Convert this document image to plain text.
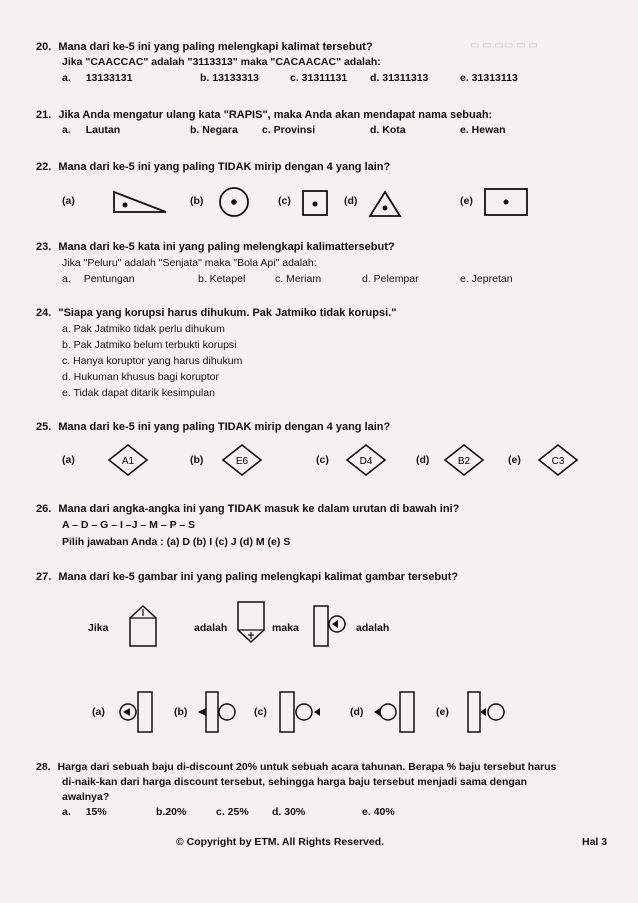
▭ ▭ ▭▭ ▭ ▭
20. Mana dari ke-5 ini yang paling melengkapi kalimat tersebut?
Jika "CAACCAC" adalah "3113313" maka "CACAACAC" adalah:
a. 13133131	b. 13133313	c. 31311131 d. 31311313	e. 31313113
21. Jika Anda mengatur ulang kata "RAPIS", maka Anda akan mendapat nama sebuah:
a. Lautan	b. Negara c. Provinsi	d. Kota	e. Hewan
22. Mana dari ke-5 ini yang paling TIDAK mirip dengan 4 yang lain?
(a)	(b)	(c)	(d)	(e)
23. Mana dari ke-5 kata ini yang paling melengkapi kalimattersebut?
Jika "Peluru" adalah "Senjata" maka "Bola Api" adalah:
a. Pentungan	b. Ketapel	c. Meriam	d. Pelempar	e. Jepretan
24. "Siapa yang korupsi harus dihukum. Pak Jatmiko tidak korupsi."
a. Pak Jatmiko tidak perlu dihukum
b. Pak Jatmiko belum terbukti korupsi
c. Hanya koruptor yang harus dihukum
d. Hukuman khusus bagi koruptor
e. Tidak dapat ditarik kesimpulan
25. Mana dari ke-5 ini yang paling TIDAK mirip dengan 4 yang lain?
(a)	(b)	(c)	(d)	(e)
A1	E6	D4	B2	C3
26. Mana dari angka-angka ini yang TIDAK masuk ke dalam urutan di bawah ini?
A – D – G – I –J – M – P – S
Pilih jawaban Anda : (a) D (b) I (c) J (d) M (e) S
27. Mana dari ke-5 gambar ini yang paling melengkapi kalimat gambar tersebut?
Jika	adalah	maka	adalah
(a)	(b)	(c)	(d)	(e)
28. Harga dari sebuah baju di-discount 20% untuk sebuah acara tahunan. Berapa % baju tersebut harus
di-naik-kan dari harga discount tersebut, sehingga harga baju tersebut menjadi sama dengan
awalnya?
a. 15%	b.20%	c. 25% d. 30%	e. 40%
© Copyright by ETM. All Rights Reserved.	Hal 3
